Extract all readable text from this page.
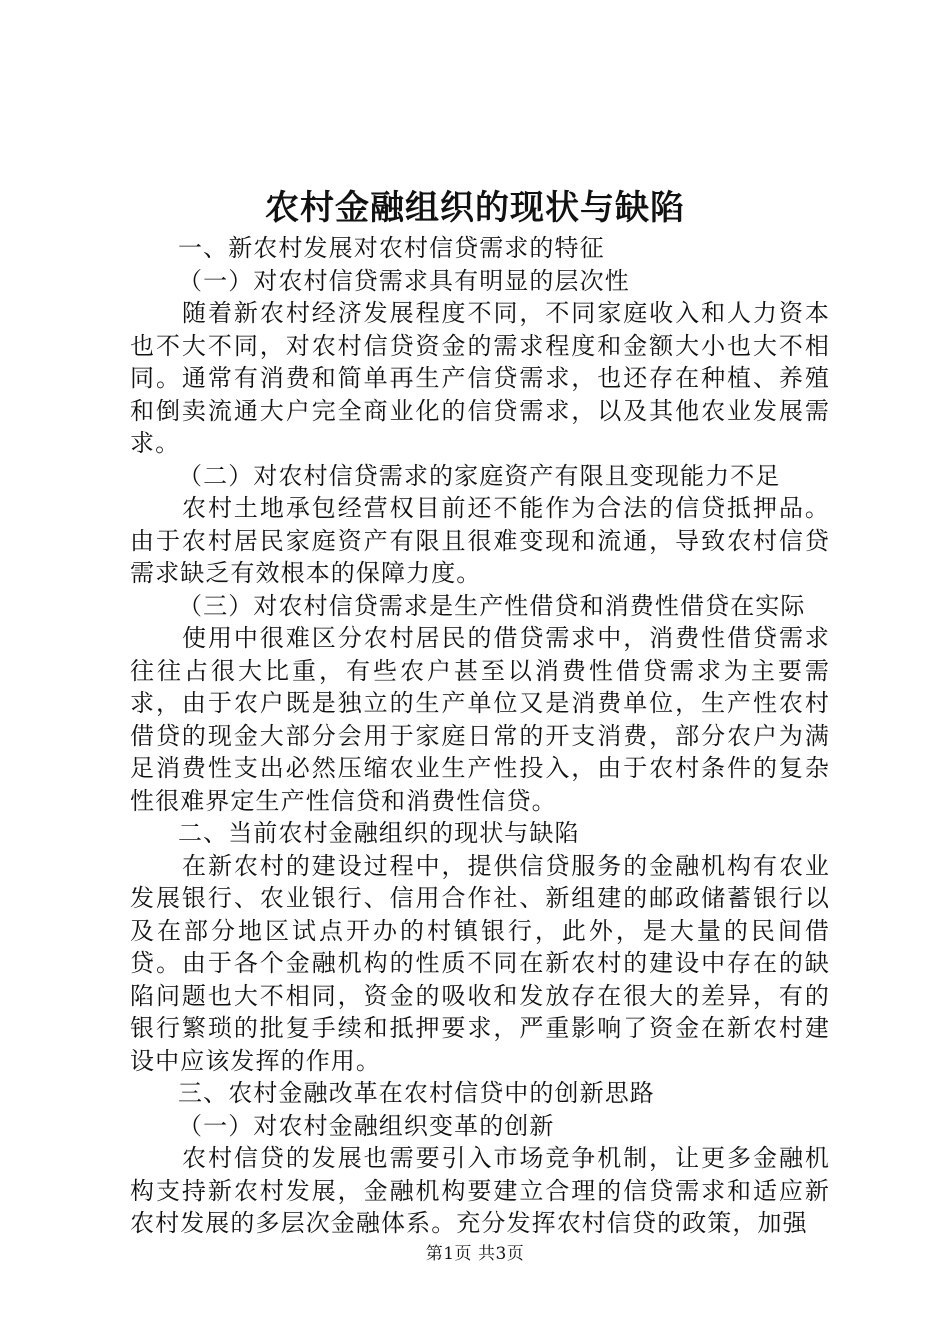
农村金融组织的现状与缺陷

一、新农村发展对农村信贷需求的特征

（一）对农村信贷需求具有明显的层次性

随着新农村经济发展程度不同，不同家庭收入和人力资本也不大不同，对农村信贷资金的需求程度和金额大小也大不相同。通常有消费和简单再生产信贷需求，也还存在种植、养殖和倒卖流通大户完全商业化的信贷需求，以及其他农业发展需求。

（二）对农村信贷需求的家庭资产有限且变现能力不足

农村土地承包经营权目前还不能作为合法的信贷抵押品。由于农村居民家庭资产有限且很难变现和流通，导致农村信贷需求缺乏有效根本的保障力度。

（三）对农村信贷需求是生产性借贷和消费性借贷在实际

使用中很难区分农村居民的借贷需求中，消费性借贷需求往往占很大比重，有些农户甚至以消费性借贷需求为主要需求，由于农户既是独立的生产单位又是消费单位，生产性农村借贷的现金大部分会用于家庭日常的开支消费，部分农户为满足消费性支出必然压缩农业生产性投入，由于农村条件的复杂性很难界定生产性信贷和消费性信贷。

二、当前农村金融组织的现状与缺陷

在新农村的建设过程中，提供信贷服务的金融机构有农业发展银行、农业银行、信用合作社、新组建的邮政储蓄银行以及在部分地区试点开办的村镇银行，此外，是大量的民间借贷。由于各个金融机构的性质不同在新农村的建设中存在的缺陷问题也大不相同，资金的吸收和发放存在很大的差异，有的银行繁琐的批复手续和抵押要求，严重影响了资金在新农村建设中应该发挥的作用。

三、农村金融改革在农村信贷中的创新思路

（一）对农村金融组织变革的创新

农村信贷的发展也需要引入市场竞争机制，让更多金融机构支持新农村发展，金融机构要建立合理的信贷需求和适应新农村发展的多层次金融体系。充分发挥农村信贷的政策，加强

第1页 共3页
